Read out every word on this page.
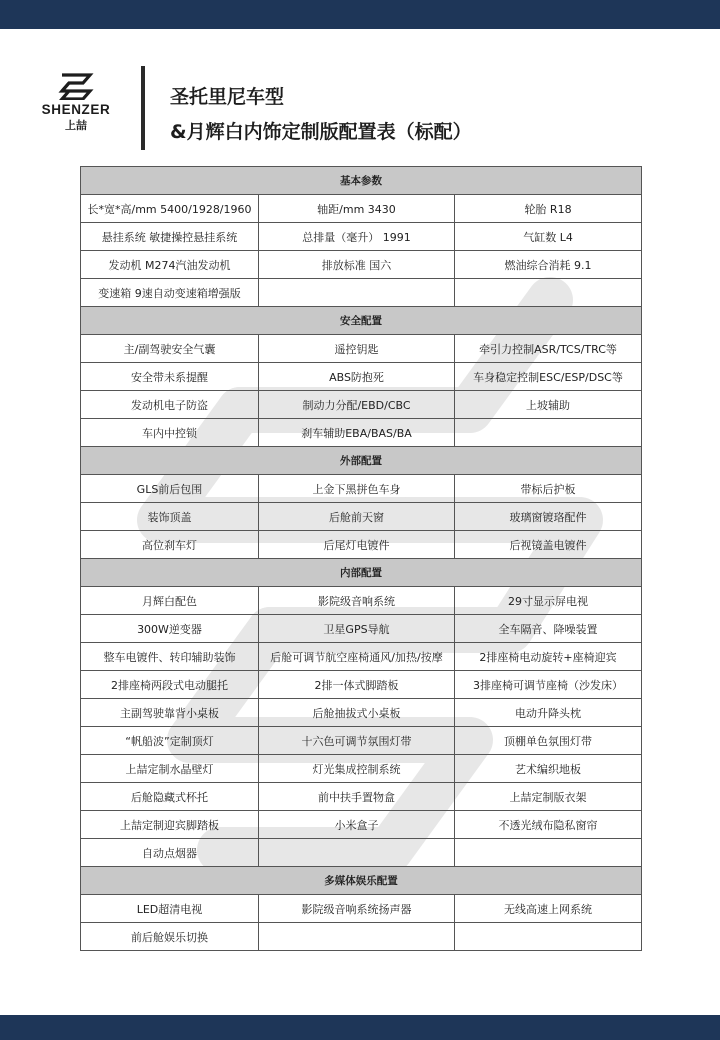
SHENZER
上喆
圣托里尼车型
&月辉白内饰定制版配置表（标配）
基本参数		
长*宽*高/mm 5400/1928/1960	轴距/mm 3430	轮胎 R18
悬挂系统 敏捷操控悬挂系统	总排量（毫升） 1991	气缸数 L4
发动机 M274汽油发动机	排放标准 国六	燃油综合消耗 9.1
变速箱 9速自动变速箱增强版		
安全配置		
主/副驾驶安全气囊	遥控钥匙	牵引力控制ASR/TCS/TRC等
安全带未系提醒	ABS防抱死	车身稳定控制ESC/ESP/DSC等
发动机电子防盗	制动力分配/EBD/CBC	上坡辅助
车内中控锁	刹车辅助EBA/BAS/BA	
外部配置		
GLS前后包围	上金下黑拼色车身	带标后护板
装饰顶盖	后舱前天窗	玻璃窗镀珞配件
高位刹车灯	后尾灯电镀件	后视镜盖电镀件
内部配置		
月辉白配色	影院级音响系统	29寸显示屏电视
300W逆变器	卫星GPS导航	全车隔音、降噪装置
整车电镀件、转印辅助装饰	后舱可调节航空座椅通风/加热/按摩	2排座椅电动旋转+座椅迎宾
2排座椅两段式电动腿托	2排一体式脚踏板	3排座椅可调节座椅（沙发床）
主副驾驶靠背小桌板	后舱抽拔式小桌板	电动升降头枕
“帆船波”定制顶灯	十六色可调节氛围灯带	顶棚单色氛围灯带
上喆定制水晶壁灯	灯光集成控制系统	艺术编织地板
后舱隐藏式杯托	前中扶手置物盒	上喆定制版衣架
上喆定制迎宾脚踏板	小米盒子	不透光绒布隐私窗帘
自动点烟器		
多媒体娱乐配置		
LED超清电视	影院级音响系统扬声器	无线高速上网系统
前后舱娱乐切换		
